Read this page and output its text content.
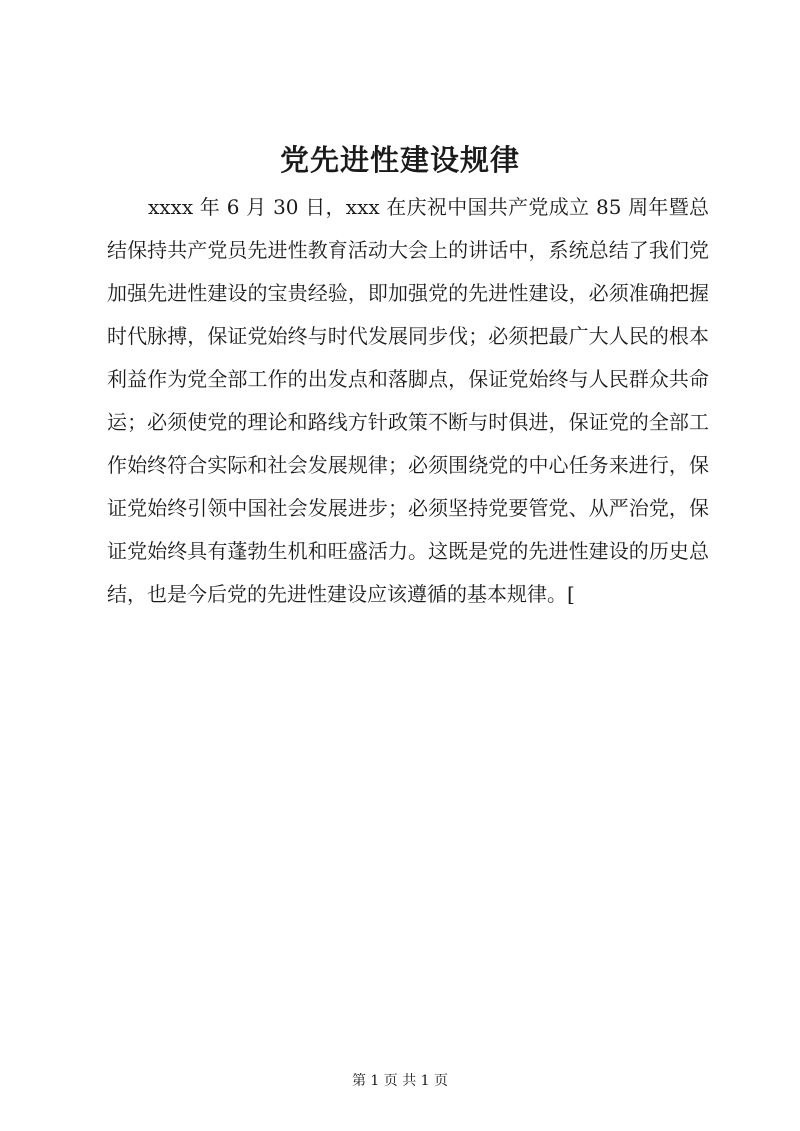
党先进性建设规律

xxxx 年 6 月 30 日，xxx 在庆祝中国共产党成立 85 周年暨总结保持共产党员先进性教育活动大会上的讲话中，系统总结了我们党加强先进性建设的宝贵经验，即加强党的先进性建设，必须准确把握时代脉搏，保证党始终与时代发展同步伐；必须把最广大人民的根本利益作为党全部工作的出发点和落脚点，保证党始终与人民群众共命运；必须使党的理论和路线方针政策不断与时俱进，保证党的全部工作始终符合实际和社会发展规律；必须围绕党的中心任务来进行，保证党始终引领中国社会发展进步；必须坚持党要管党、从严治党，保证党始终具有蓬勃生机和旺盛活力。这既是党的先进性建设的历史总结，也是今后党的先进性建设应该遵循的基本规律。[

第 1 页 共 1 页
